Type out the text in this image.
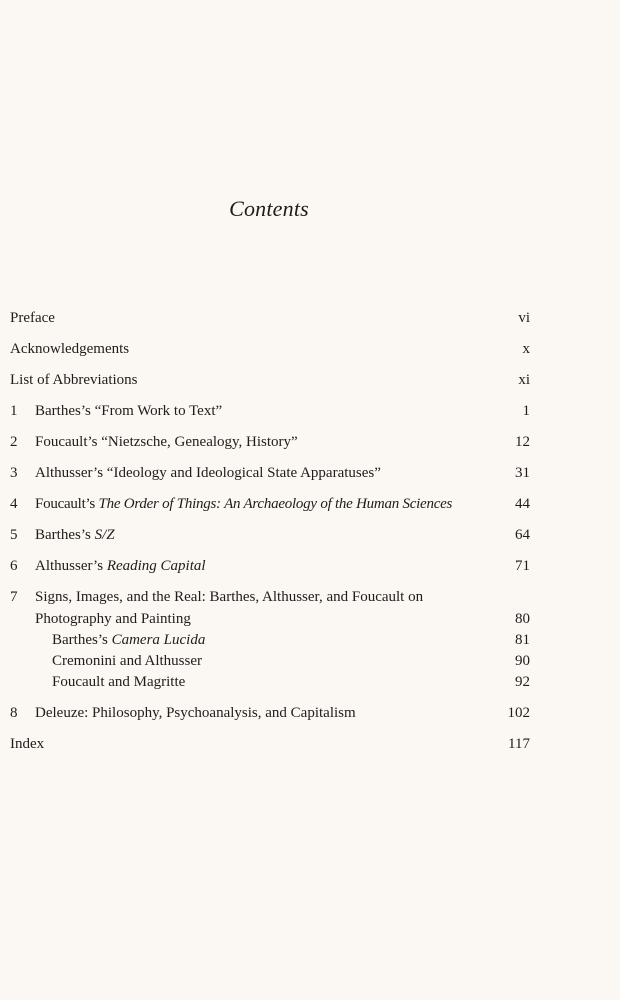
Contents
Preface	vi
Acknowledgements	x
List of Abbreviations	xi
1 Barthes’s “From Work to Text”	1
2 Foucault’s “Nietzsche, Genealogy, History”	12
3 Althusser’s “Ideology and Ideological State Apparatuses”	31
4 Foucault’s The Order of Things: An Archaeology of the Human Sciences	44
5 Barthes’s S/Z	64
6 Althusser’s Reading Capital	71
7 Signs, Images, and the Real: Barthes, Althusser, and Foucault on
Photography and Painting	80
Barthes’s Camera Lucida	81
Cremonini and Althusser	90
Foucault and Magritte	92
8 Deleuze: Philosophy, Psychoanalysis, and Capitalism	102
Index	117
